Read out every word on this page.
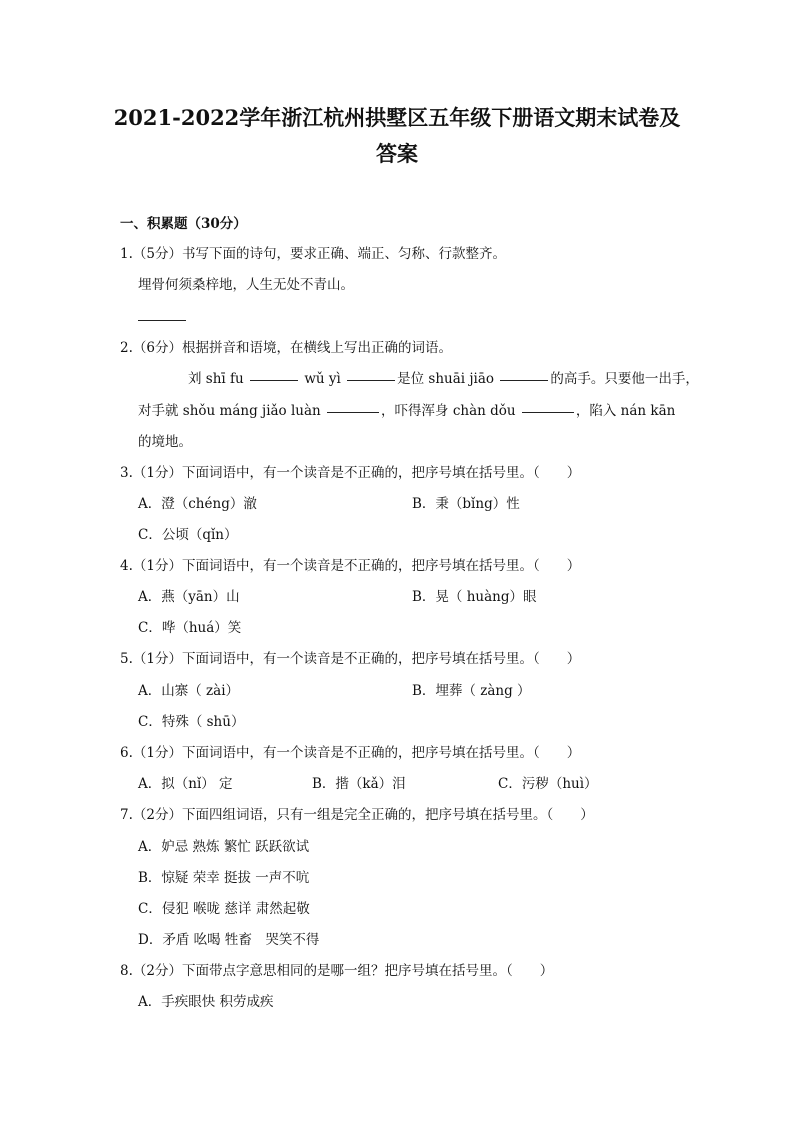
2021-2022学年浙江杭州拱墅区五年级下册语文期末试卷及
答案
一、积累题（30分）
1.（5分）书写下面的诗句，要求正确、端正、匀称、行款整齐。
埋骨何须桑梓地，人生无处不青山。
2.（6分）根据拼音和语境，在横线上写出正确的词语。
刘 shī fu	wǔ yì	是位 shuāi jiāo	的高手。只要他一出手，
对手就 shǒu máng jiǎo luàn	，吓得浑身 chàn dǒu	，陷入 nán kān
的境地。
3.（1分）下面词语中，有一个读音是不正确的，把序号填在括号里。（　　）
A．澄（chéng）澈	B．秉（bǐng）性
C．公顷（qǐn）
4.（1分）下面词语中，有一个读音是不正确的，把序号填在括号里。（　　）
A．燕（yān）山	B．晃（ huàng）眼
C．哗（huá）笑
5.（1分）下面词语中，有一个读音是不正确的，把序号填在括号里。（　　）
A．山寨（ zài）	B．埋葬（ zàng ）
C．特殊（ shū）
6.（1分）下面词语中，有一个读音是不正确的，把序号填在括号里。（　　）
A．拟（nǐ） 定	B．揩（kǎ）泪	C．污秽（huì）
7.（2分）下面四组词语，只有一组是完全正确的，把序号填在括号里。（　　）
A．妒忌 熟炼 繁忙 跃跃欲试
B．惊疑 荣幸 挺拔 一声不吭
C．侵犯 喉咙 慈详 肃然起敬
D．矛盾 吆喝 牲畜　哭笑不得
8.（2分）下面带点字意思相同的是哪一组？把序号填在括号里。（　　）
A．手疾眼快 积劳成疾
